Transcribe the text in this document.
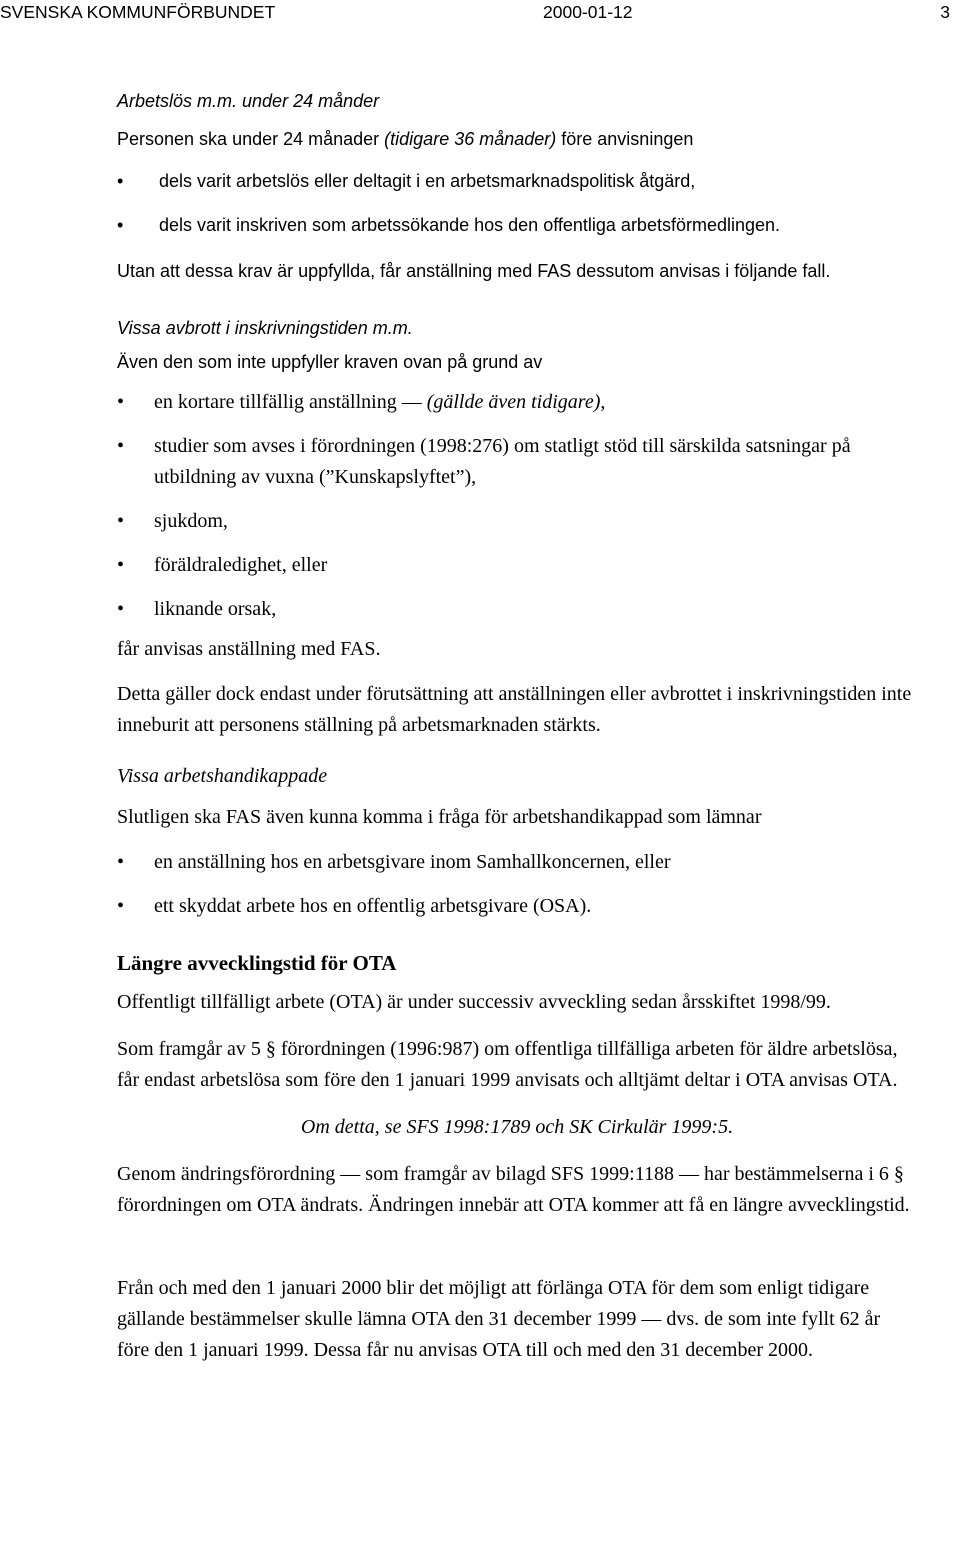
SVENSKA KOMMUNFÖRBUNDET	2000-01-12	3
Arbetslös m.m. under 24 månder
Personen ska under 24 månader (tidigare 36 månader) före anvisningen
• dels varit arbetslös eller deltagit i en arbetsmarknadspolitisk åtgärd,
• dels varit inskriven som arbetssökande hos den offentliga arbetsförmedlingen.
Utan att dessa krav är uppfyllda, får anställning med FAS dessutom anvisas i följande fall.
Vissa avbrott i inskrivningstiden m.m.
Även den som inte uppfyller kraven ovan på grund av
• en kortare tillfällig anställning — (gällde även tidigare),
• studier som avses i förordningen (1998:276) om statligt stöd till särskilda satsningar på utbildning av vuxna (”Kunskapslyftet”),
• sjukdom,
• föräldraledighet, eller
• liknande orsak,
får anvisas anställning med FAS.
Detta gäller dock endast under förutsättning att anställningen eller avbrottet i inskrivningstiden inte inneburit att personens ställning på arbetsmarknaden stärkts.
Vissa arbetshandikappade
Slutligen ska FAS även kunna komma i fråga för arbetshandikappad som lämnar
• en anställning hos en arbetsgivare inom Samhallkoncernen, eller
• ett skyddat arbete hos en offentlig arbetsgivare (OSA).
Längre avvecklingstid för OTA
Offentligt tillfälligt arbete (OTA) är under successiv avveckling sedan årsskiftet 1998/99.
Som framgår av 5 § förordningen (1996:987) om offentliga tillfälliga arbeten för äldre arbetslösa, får endast arbetslösa som före den 1 januari 1999 anvisats och alltjämt deltar i OTA anvisas OTA.
Om detta, se SFS 1998:1789 och SK Cirkulär 1999:5.
Genom ändringsförordning — som framgår av bilagd SFS 1999:1188 — har bestämmelserna i 6 § förordningen om OTA ändrats. Ändringen innebär att OTA kommer att få en längre avvecklingstid.
Från och med den 1 januari 2000 blir det möjligt att förlänga OTA för dem som enligt tidigare gällande bestämmelser skulle lämna OTA den 31 december 1999 — dvs. de som inte fyllt 62 år före den 1 januari 1999. Dessa får nu anvisas OTA till och med den 31 december 2000.
